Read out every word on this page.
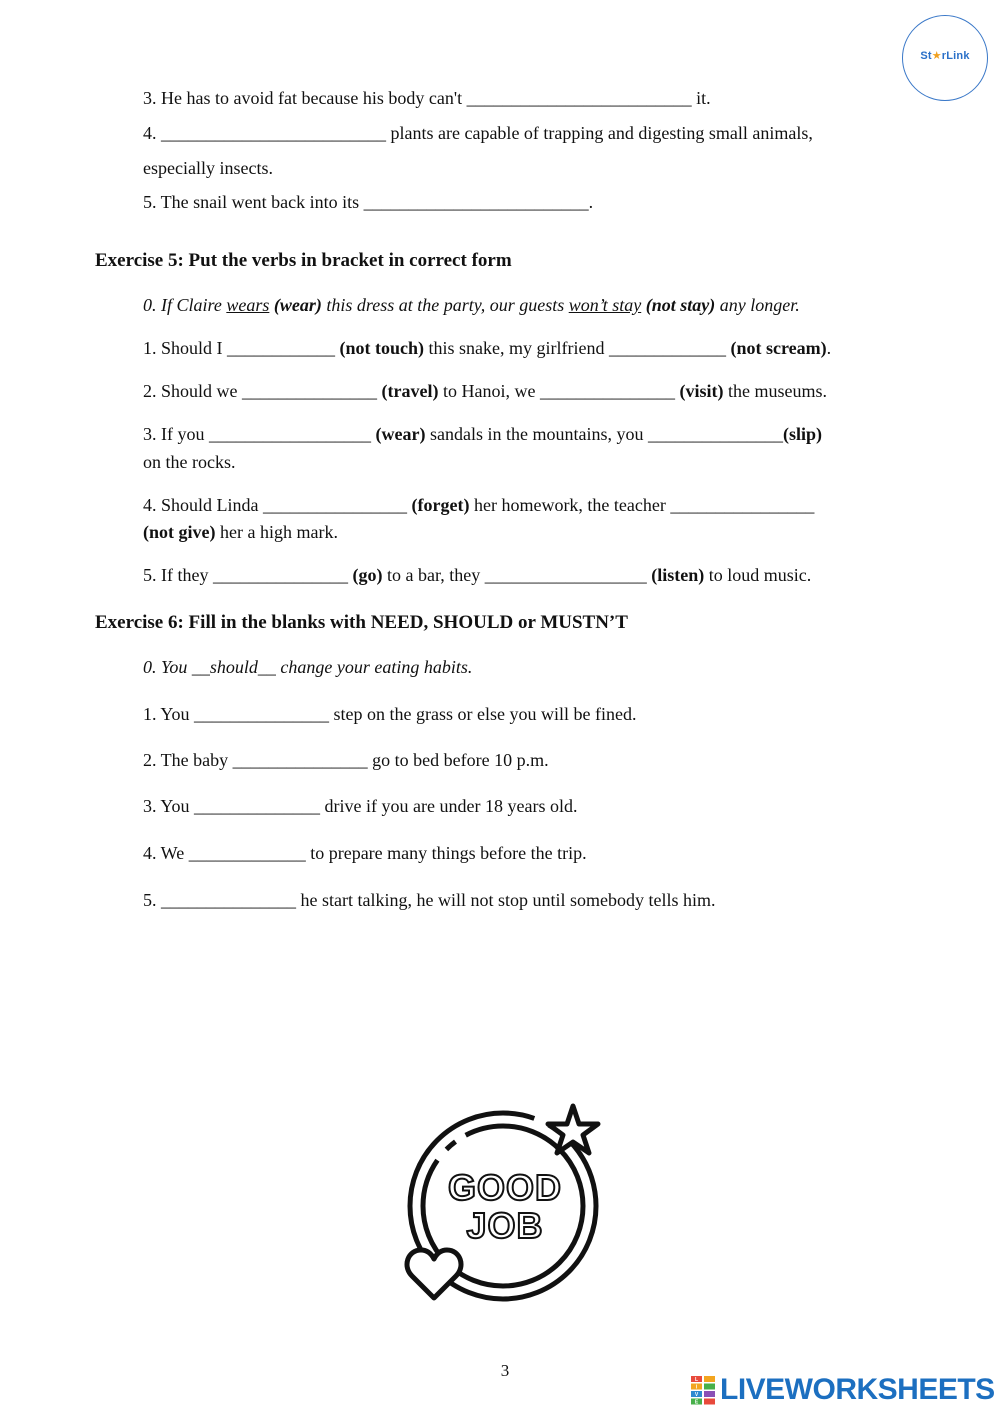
St★rLink
3. He has to avoid fat because his body can't _________________________ it.
4. _________________________ plants are capable of trapping and digesting small animals,
especially insects.
5. The snail went back into its _________________________.
Exercise 5: Put the verbs in bracket in correct form
0. If Claire wears (wear) this dress at the party, our guests won’t stay (not stay) any longer.
1. Should I ____________ (not touch) this snake, my girlfriend _____________ (not scream).
2. Should we _______________ (travel) to Hanoi, we _______________ (visit) the museums.
3. If you __________________ (wear) sandals in the mountains, you _______________(slip)
on the rocks.
4. Should Linda ________________ (forget) her homework, the teacher ________________
(not give) her a high mark.
5. If they _______________ (go) to a bar, they __________________ (listen) to loud music.
Exercise 6: Fill in the blanks with NEED, SHOULD or MUSTN’T
0. You __should__ change your eating habits.
1. You _______________ step on the grass or else you will be fined.
2. The baby _______________ go to bed before 10 p.m.
3. You ______________ drive if you are under 18 years old.
4. We _____________ to prepare many things before the trip.
5. _______________ he start talking, he will not stop until somebody tells him.
GOOD
JOB
3	L
I
V
E LIVEWORKSHEETS
